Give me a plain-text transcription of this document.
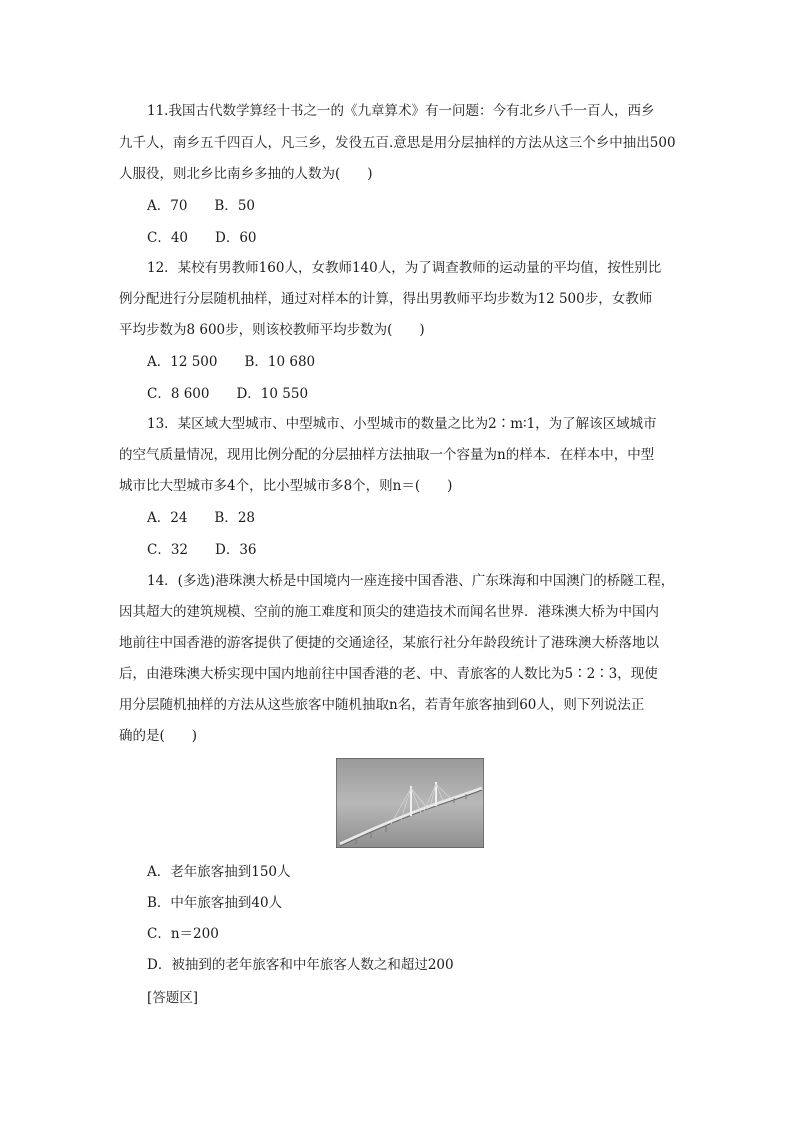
11.我国古代数学算经十书之一的《九章算术》有一问题：今有北乡八千一百人，西乡
九千人，南乡五千四百人，凡三乡，发役五百.意思是用分层抽样的方法从这三个乡中抽出500
人服役，则北乡比南乡多抽的人数为(　　)
A．70　　B．50
C．40　　D．60
12．某校有男教师160人，女教师140人，为了调查教师的运动量的平均值，按性别比
例分配进行分层随机抽样，通过对样本的计算，得出男教师平均步数为12 500步，女教师
平均步数为8 600步，则该校教师平均步数为(　　)
A．12 500　　B．10 680
C．8 600　　D．10 550
13．某区域大型城市、中型城市、小型城市的数量之比为2∶m∶1，为了解该区域城市
的空气质量情况，现用比例分配的分层抽样方法抽取一个容量为n的样本．在样本中，中型
城市比大型城市多4个，比小型城市多8个，则n＝(　　)
A．24　　B．28
C．32　　D．36
14．(多选)港珠澳大桥是中国境内一座连接中国香港、广东珠海和中国澳门的桥隧工程，
因其超大的建筑规模、空前的施工难度和顶尖的建造技术而闻名世界．港珠澳大桥为中国内
地前往中国香港的游客提供了便捷的交通途径，某旅行社分年龄段统计了港珠澳大桥落地以
后，由港珠澳大桥实现中国内地前往中国香港的老、中、青旅客的人数比为5∶2∶3，现使
用分层随机抽样的方法从这些旅客中随机抽取n名，若青年旅客抽到60人，则下列说法正
确的是(　　)
A．老年旅客抽到150人
B．中年旅客抽到40人
C．n＝200
D．被抽到的老年旅客和中年旅客人数之和超过200
[答题区]
